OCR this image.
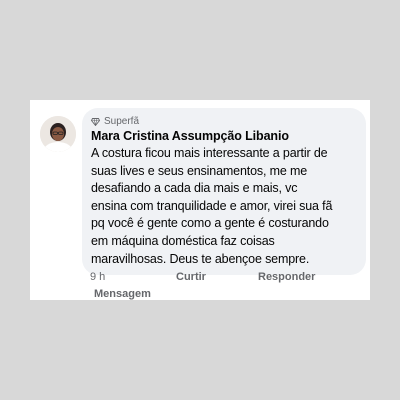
Superfã
Mara Cristina Assumpção Libanio
A costura ficou mais interessante a partir de
suas lives e seus ensinamentos, me me
desafiando a cada dia mais e mais, vc
ensina com tranquilidade e amor, virei sua fã
pq você é gente como a gente é costurando
em máquina doméstica faz coisas
maravilhosas. Deus te abençoe sempre.
9 h	Curtir	Responder
Mensagem
